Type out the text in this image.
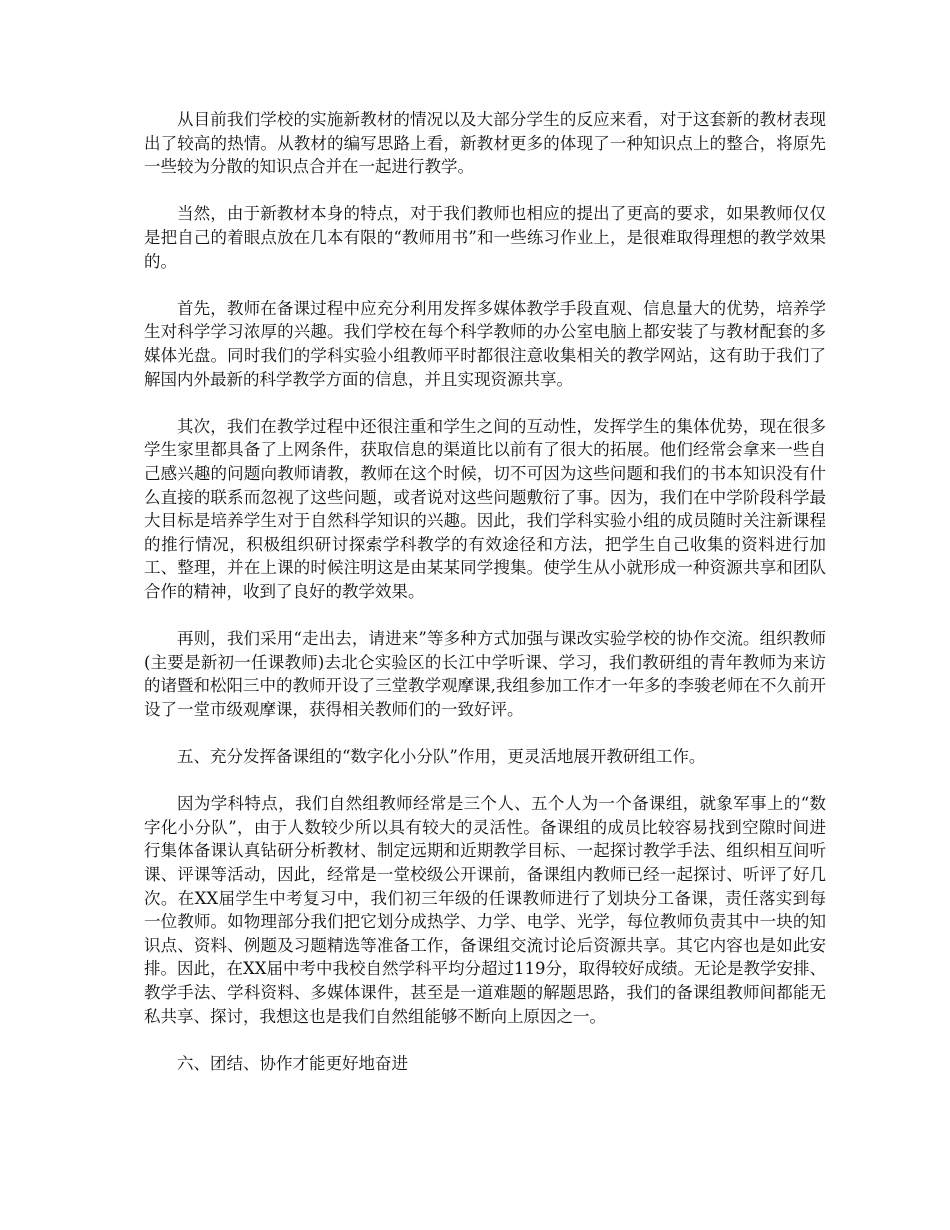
从目前我们学校的实施新教材的情况以及大部分学生的反应来看，对于这套新的教材表现出了较高的热情。从教材的编写思路上看，新教材更多的体现了一种知识点上的整合，将原先一些较为分散的知识点合并在一起进行教学。

当然，由于新教材本身的特点，对于我们教师也相应的提出了更高的要求，如果教师仅仅是把自己的着眼点放在几本有限的“教师用书”和一些练习作业上，是很难取得理想的教学效果的。

首先，教师在备课过程中应充分利用发挥多媒体教学手段直观、信息量大的优势，培养学生对科学学习浓厚的兴趣。我们学校在每个科学教师的办公室电脑上都安装了与教材配套的多媒体光盘。同时我们的学科实验小组教师平时都很注意收集相关的教学网站，这有助于我们了解国内外最新的科学教学方面的信息，并且实现资源共享。

其次，我们在教学过程中还很注重和学生之间的互动性，发挥学生的集体优势，现在很多学生家里都具备了上网条件，获取信息的渠道比以前有了很大的拓展。他们经常会拿来一些自己感兴趣的问题向教师请教，教师在这个时候，切不可因为这些问题和我们的书本知识没有什么直接的联系而忽视了这些问题，或者说对这些问题敷衍了事。因为，我们在中学阶段科学最大目标是培养学生对于自然科学知识的兴趣。因此，我们学科实验小组的成员随时关注新课程的推行情况，积极组织研讨探索学科教学的有效途径和方法，把学生自己收集的资料进行加工、整理，并在上课的时候注明这是由某某同学搜集。使学生从小就形成一种资源共享和团队合作的精神，收到了良好的教学效果。

再则，我们采用“走出去，请进来”等多种方式加强与课改实验学校的协作交流。组织教师(主要是新初一任课教师)去北仑实验区的长江中学听课、学习，我们教研组的青年教师为来访的诸暨和松阳三中的教师开设了三堂教学观摩课,我组参加工作才一年多的李骏老师在不久前开设了一堂市级观摩课，获得相关教师们的一致好评。

五、充分发挥备课组的“数字化小分队”作用，更灵活地展开教研组工作。

因为学科特点，我们自然组教师经常是三个人、五个人为一个备课组，就象军事上的“数字化小分队”，由于人数较少所以具有较大的灵活性。备课组的成员比较容易找到空隙时间进行集体备课认真钻研分析教材、制定远期和近期教学目标、一起探讨教学手法、组织相互间听课、评课等活动，因此，经常是一堂校级公开课前，备课组内教师已经一起探讨、听评了好几次。在XX届学生中考复习中，我们初三年级的任课教师进行了划块分工备课，责任落实到每一位教师。如物理部分我们把它划分成热学、力学、电学、光学，每位教师负责其中一块的知识点、资料、例题及习题精选等准备工作，备课组交流讨论后资源共享。其它内容也是如此安排。因此，在XX届中考中我校自然学科平均分超过119分，取得较好成绩。无论是教学安排、教学手法、学科资料、多媒体课件，甚至是一道难题的解题思路，我们的备课组教师间都能无私共享、探讨，我想这也是我们自然组能够不断向上原因之一。

六、团结、协作才能更好地奋进
